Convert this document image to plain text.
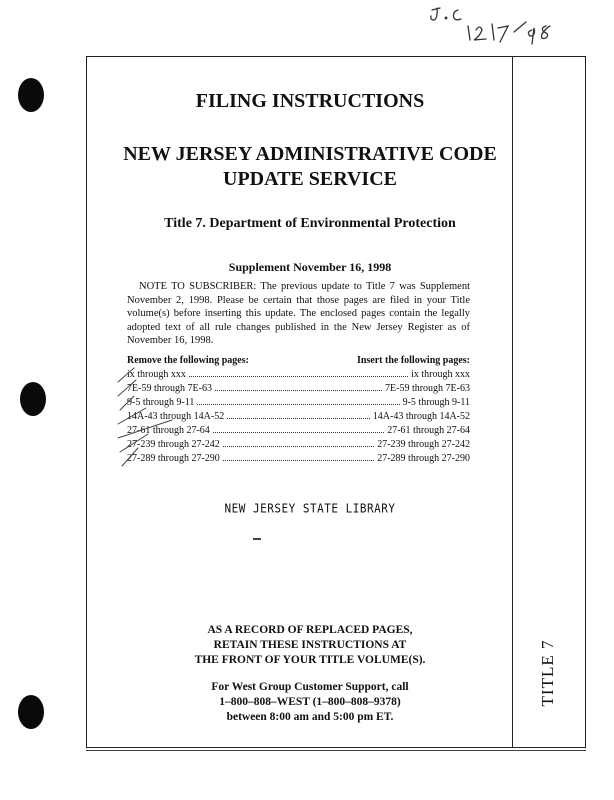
TITLE 7
FILING INSTRUCTIONS
NEW JERSEY ADMINISTRATIVE CODE
UPDATE SERVICE
Title 7. Department of Environmental Protection
Supplement November 16, 1998
NOTE TO SUBSCRIBER: The previous update to Title 7 was Supplement November 2, 1998. Please be certain that those pages are filed in your Title volume(s) before inserting this update. The enclosed pages contain the legally adopted text of all rule changes published in the New Jersey Register as of November 16, 1998.
Remove the following pages:	Insert the following pages:
ix through xxx	ix through xxx
7E-59 through 7E-63	7E-59 through 7E-63
9-5 through 9-11	9-5 through 9-11
14A-43 through 14A-52	14A-43 through 14A-52
27-61 through 27-64	27-61 through 27-64
27-239 through 27-242	27-239 through 27-242
27-289 through 27-290	27-289 through 27-290
NEW JERSEY STATE LIBRARY
AS A RECORD OF REPLACED PAGES,
RETAIN THESE INSTRUCTIONS AT
THE FRONT OF YOUR TITLE VOLUME(S).
For West Group Customer Support, call
1–800–808–WEST (1–800–808–9378)
between 8:00 am and 5:00 pm ET.
